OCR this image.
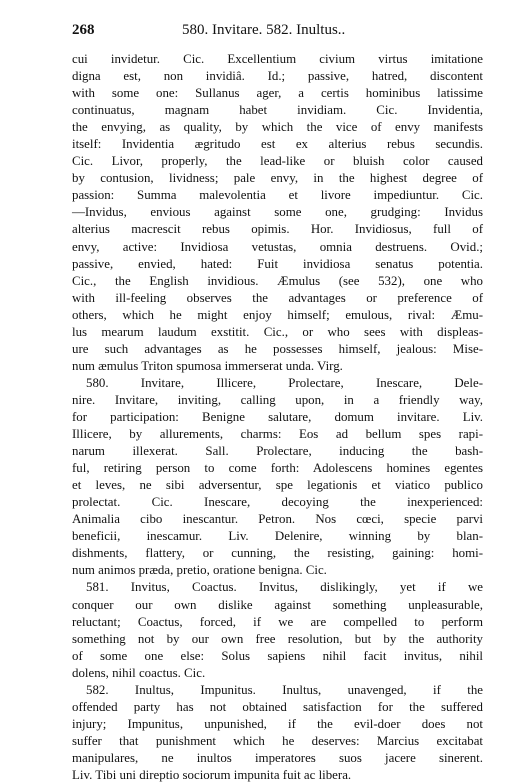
268	580. Invitare. 582. Inultus..
cui invidetur. Cic. Excellentium civium virtus imitatione
digna est, non invidiâ. Id.; passive, hatred, discontent
with some one: Sullanus ager, a certis hominibus latissime
continuatus, magnam habet invidiam. Cic. Invidentia,
the envying, as quality, by which the vice of envy manifests
itself: Invidentia ægritudo est ex alterius rebus secundis.
Cic. Livor, properly, the lead-like or bluish color caused
by contusion, lividness; pale envy, in the highest degree of
passion: Summa malevolentia et livore impediuntur. Cic.
—Invidus, envious against some one, grudging: Invidus
alterius macrescit rebus opimis. Hor. Invidiosus, full of
envy, active: Invidiosa vetustas, omnia destruens. Ovid.;
passive, envied, hated: Fuit invidiosa senatus potentia.
Cic., the English invidious. Æmulus (see 532), one who
with ill-feeling observes the advantages or preference of
others, which he might enjoy himself; emulous, rival: Æmu-
lus mearum laudum exstitit. Cic., or who sees with displeas-
ure such advantages as he possesses himself, jealous: Mise-
num æmulus Triton spumosa immerserat unda. Virg.
580. Invitare, Illicere, Prolectare, Inescare, Dele-
nire. Invitare, inviting, calling upon, in a friendly way,
for participation: Benigne salutare, domum invitare. Liv.
Illicere, by allurements, charms: Eos ad bellum spes rapi-
narum illexerat. Sall. Prolectare, inducing the bash-
ful, retiring person to come forth: Adolescens homines egentes
et leves, ne sibi adversentur, spe legationis et viatico publico
prolectat. Cic. Inescare, decoying the inexperienced:
Animalia cibo inescantur. Petron. Nos cœci, specie parvi
beneficii, inescamur. Liv. Delenire, winning by blan-
dishments, flattery, or cunning, the resisting, gaining: homi-
num animos præda, pretio, oratione benigna. Cic.
581. Invitus, Coactus. Invitus, dislikingly, yet if we
conquer our own dislike against something unpleasurable,
reluctant; Coactus, forced, if we are compelled to perform
something not by our own free resolution, but by the authority
of some one else: Solus sapiens nihil facit invitus, nihil
dolens, nihil coactus. Cic.
582. Inultus, Impunitus. Inultus, unavenged, if the
offended party has not obtained satisfaction for the suffered
injury; Impunitus, unpunished, if the evil-doer does not
suffer that punishment which he deserves: Marcius excitabat
manipulares, ne inultos imperatores suos jacere sinerent.
Liv. Tibi uni direptio sociorum impunita fuit ac libera.
